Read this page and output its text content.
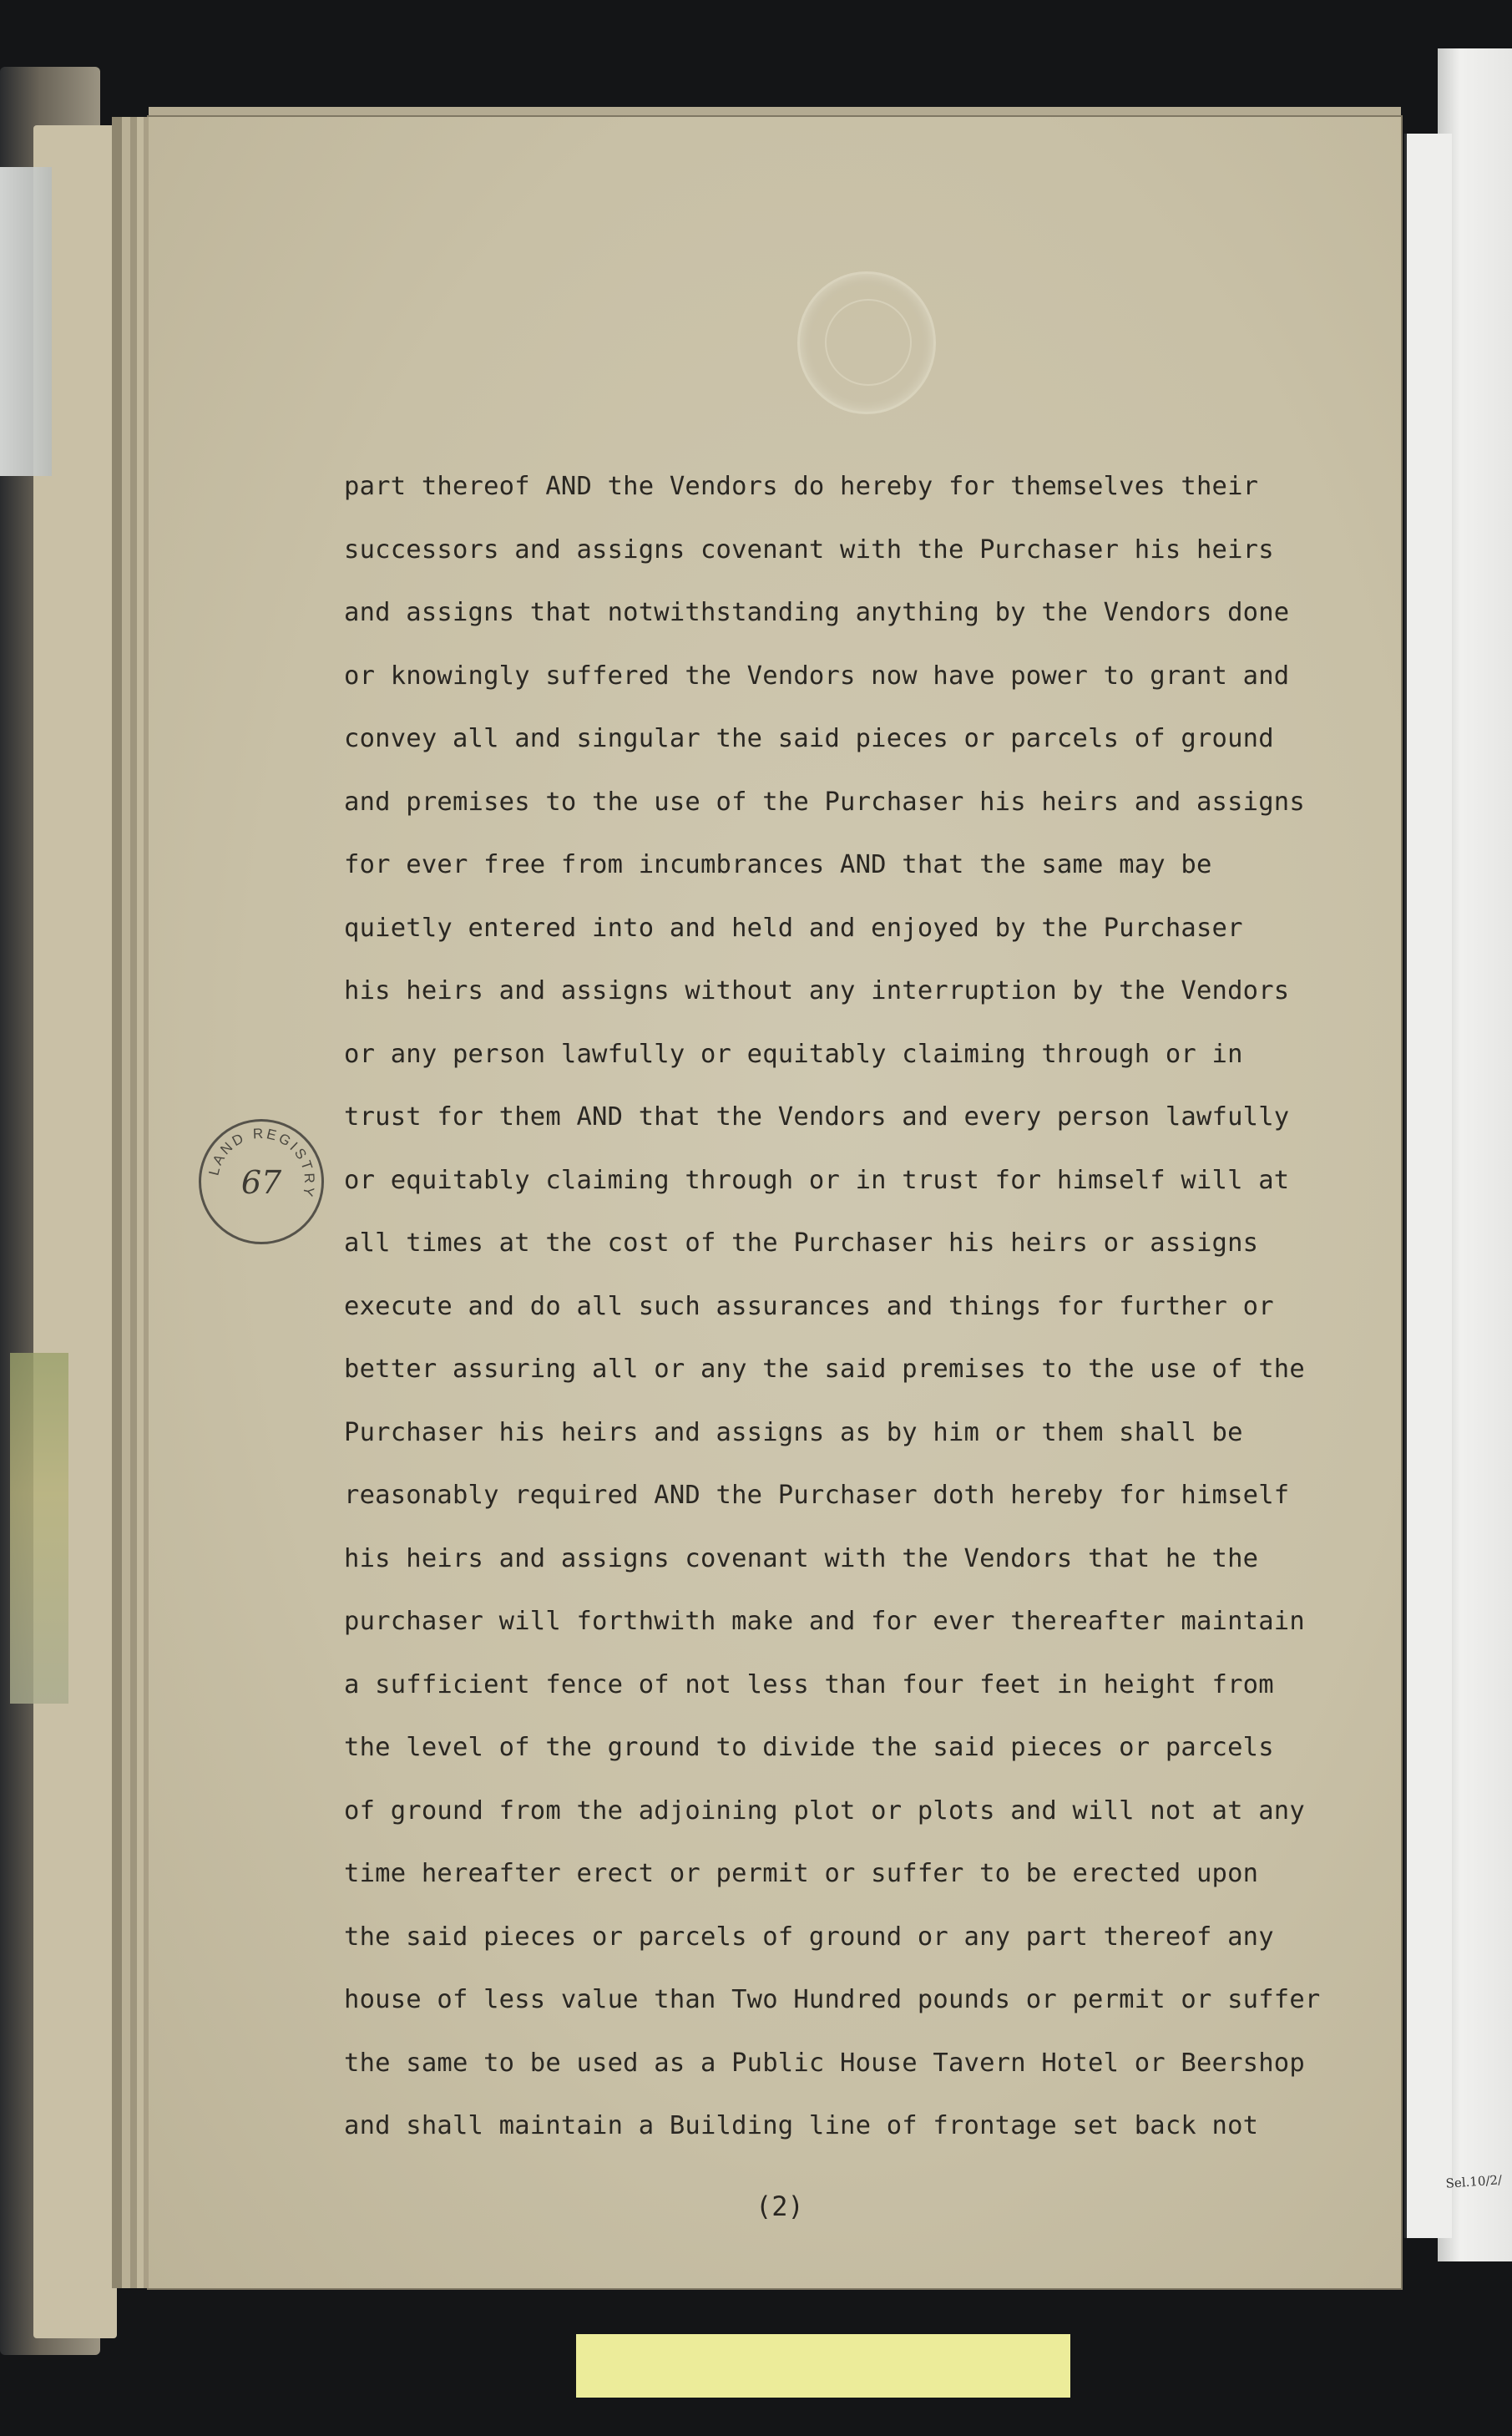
Sel.10/2/
LAND REGISTRY
67
part thereof AND the Vendors do hereby for themselves their
successors and assigns covenant with the Purchaser his heirs
and assigns that notwithstanding anything by the Vendors done
or knowingly suffered the Vendors now have power to grant and
convey all and singular the said pieces or parcels of ground
and premises to the use of the Purchaser his heirs and assigns
for ever free from incumbrances AND that the same may be
quietly entered into and held and enjoyed by the Purchaser
his heirs and assigns without any interruption by the Vendors
or any person lawfully or equitably claiming through or in
trust for them AND that the Vendors and every person lawfully
or equitably claiming through or in trust for himself will at
all times at the cost of the Purchaser his heirs or assigns
execute and do all such assurances and things for further or
better assuring all or any the said premises to the use of the
Purchaser his heirs and assigns as by him or them shall be
reasonably required AND the Purchaser doth hereby for himself
his heirs and assigns covenant with the Vendors that he the
purchaser will forthwith make and for ever thereafter maintain
a sufficient fence of not less than four feet in height from
the level of the ground to divide the said pieces or parcels
of ground from the adjoining plot or plots and will not at any
time hereafter erect or permit or suffer to be erected upon
the said pieces or parcels of ground or any part thereof any
house of less value than Two Hundred pounds or permit or suffer
the same to be used as a Public House Tavern Hotel or Beershop
and shall maintain a Building line of frontage set back not
(2)
